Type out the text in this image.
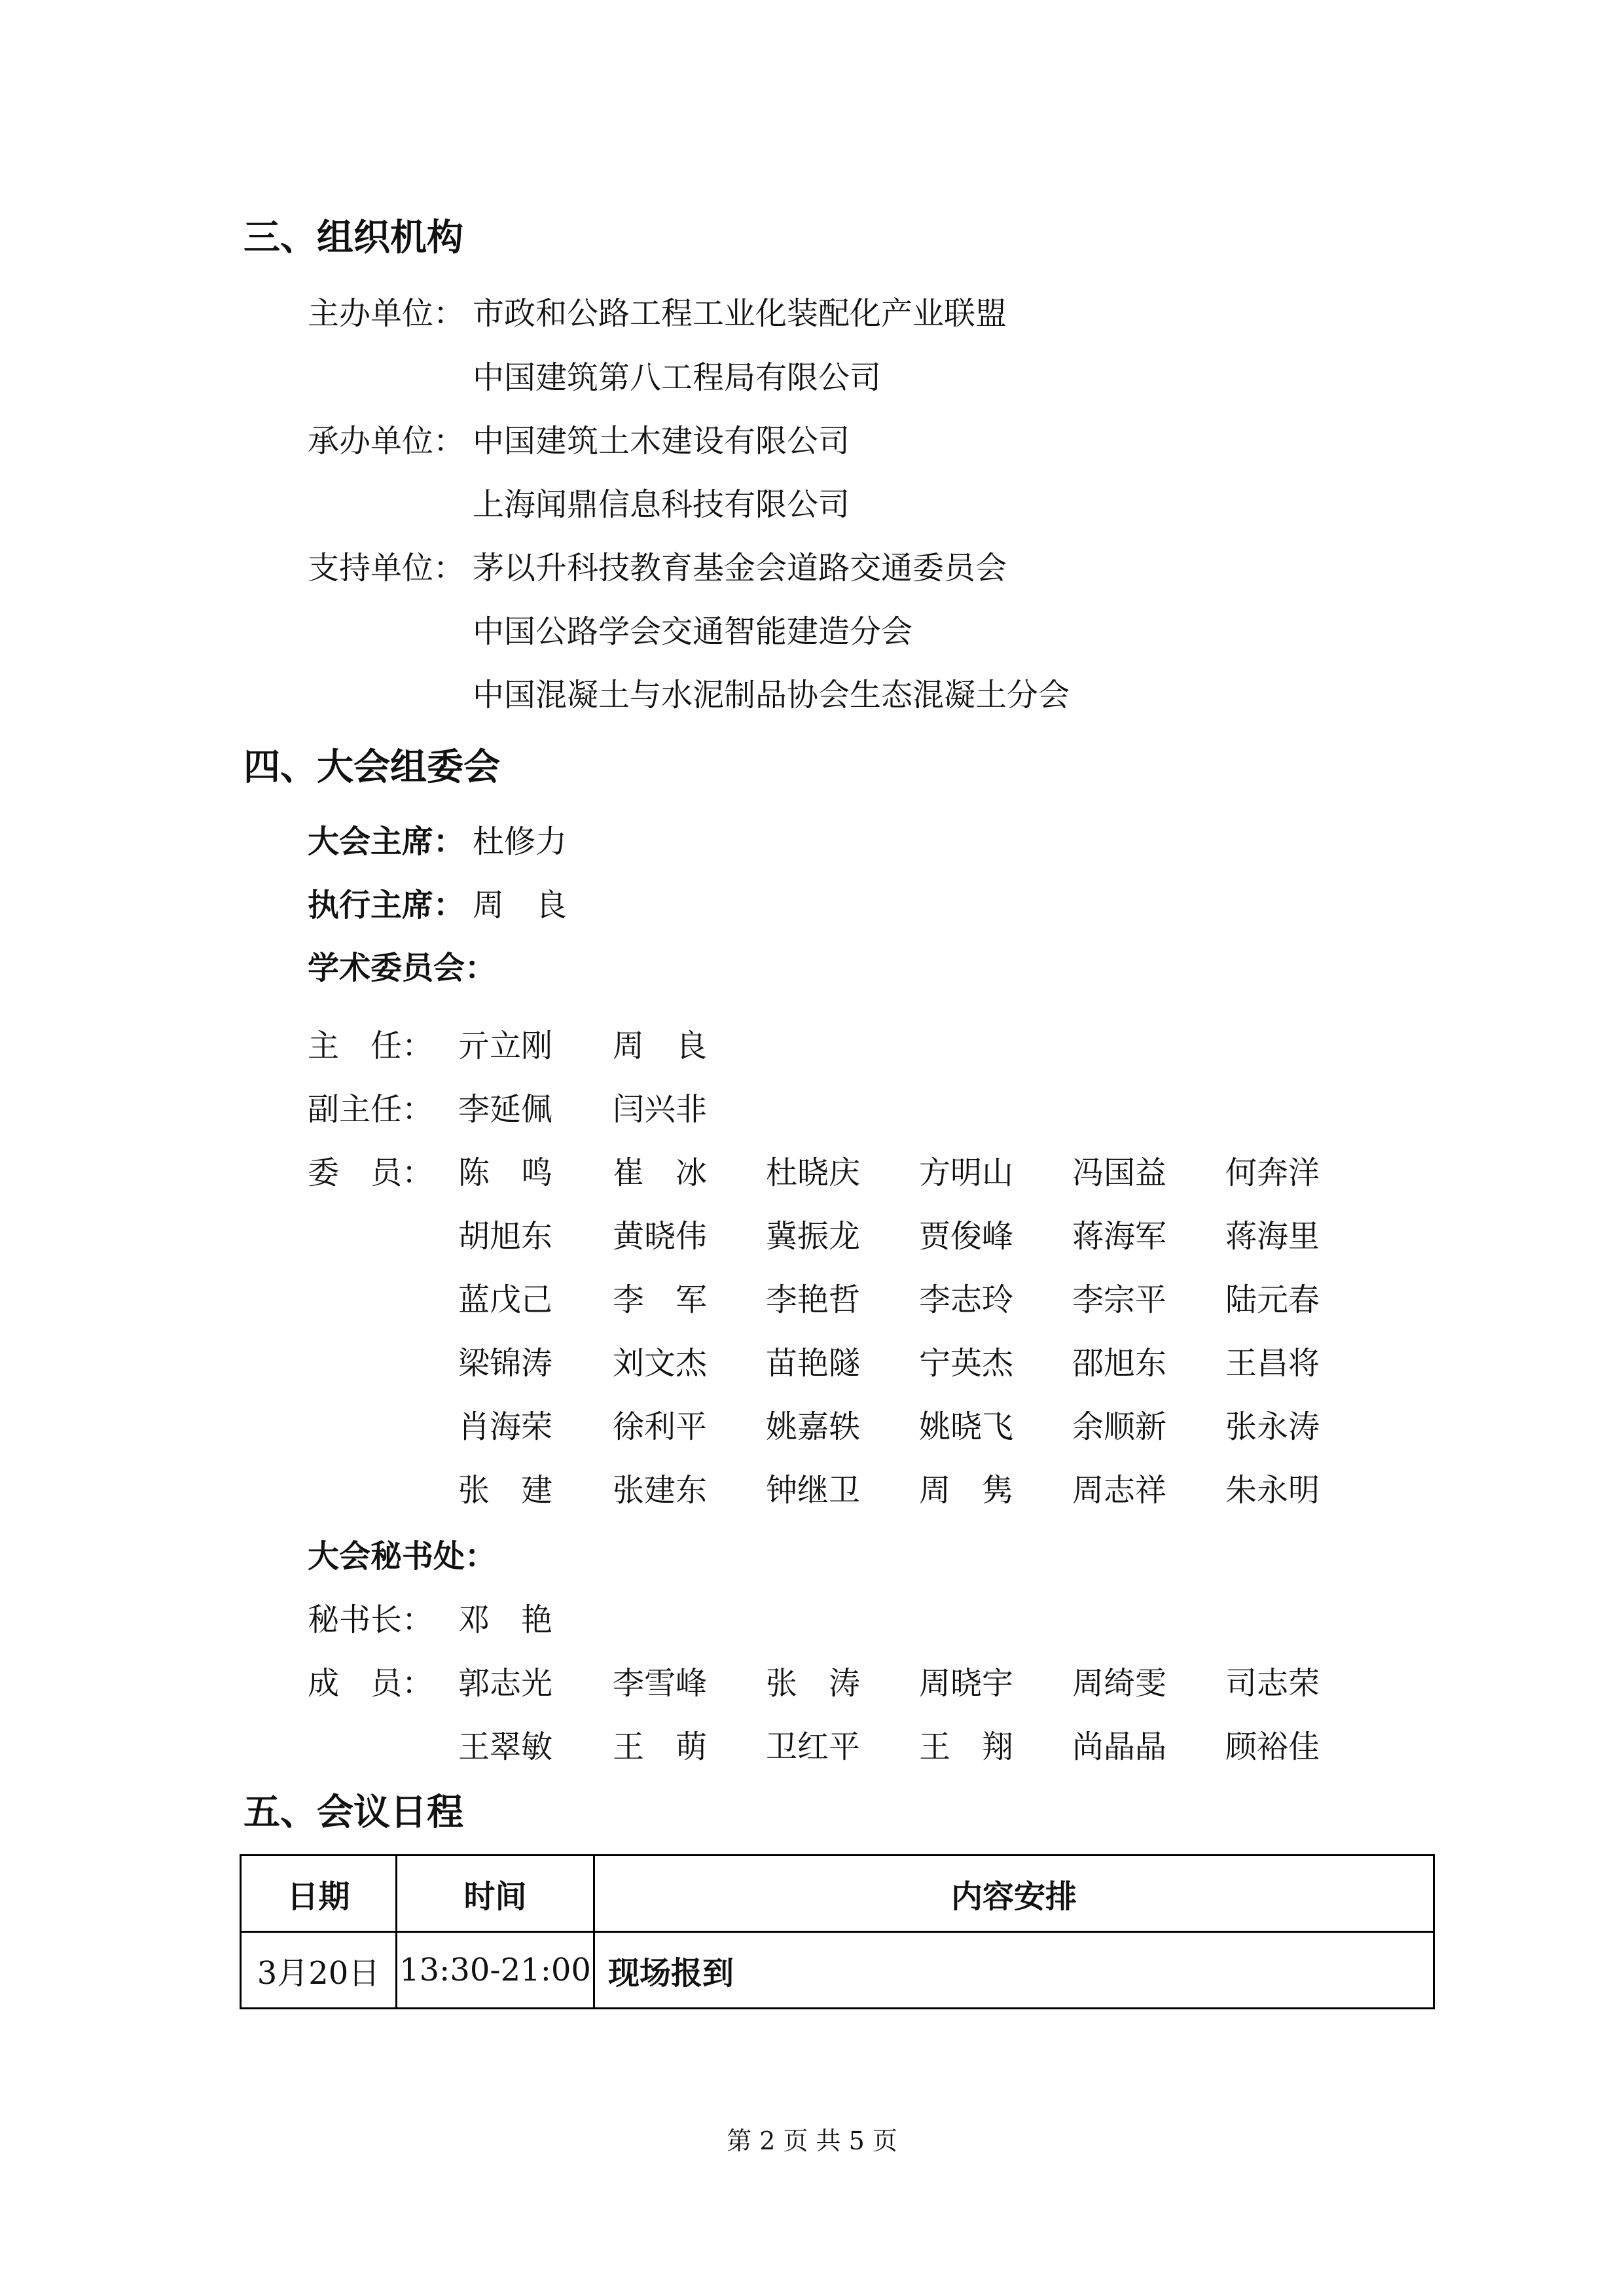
三、组织机构
主办单位： 市政和公路工程工业化装配化产业联盟
中国建筑第八工程局有限公司
承办单位： 中国建筑土木建设有限公司
上海闻鼎信息科技有限公司
支持单位： 茅以升科技教育基金会道路交通委员会
中国公路学会交通智能建造分会
中国混凝土与水泥制品协会生态混凝土分会
四、大会组委会
大会主席： 杜修力
执行主席： 周　良
学术委员会：
主　任： 亓立刚 周　良
副主任： 李延佩 闫兴非
委　员： 陈　鸣 崔　冰 杜晓庆 方明山 冯国益 何奔洋
胡旭东 黄晓伟 冀振龙 贾俊峰 蒋海军 蒋海里
蓝戊己 李　军 李艳哲 李志玲 李宗平 陆元春
梁锦涛 刘文杰 苗艳隧 宁英杰 邵旭东 王昌将
肖海荣 徐利平 姚嘉轶 姚晓飞 余顺新 张永涛
张　建 张建东 钟继卫 周　隽 周志祥 朱永明
大会秘书处：
秘书长： 邓　艳
成　员： 郭志光 李雪峰 张　涛 周晓宇 周绮雯 司志荣
王翠敏 王　萌 卫红平 王　翔 尚晶晶 顾裕佳
五、会议日程
日期	时间	内容安排
3月20日	13:30-21:00	现场报到
第 2 页 共 5 页
